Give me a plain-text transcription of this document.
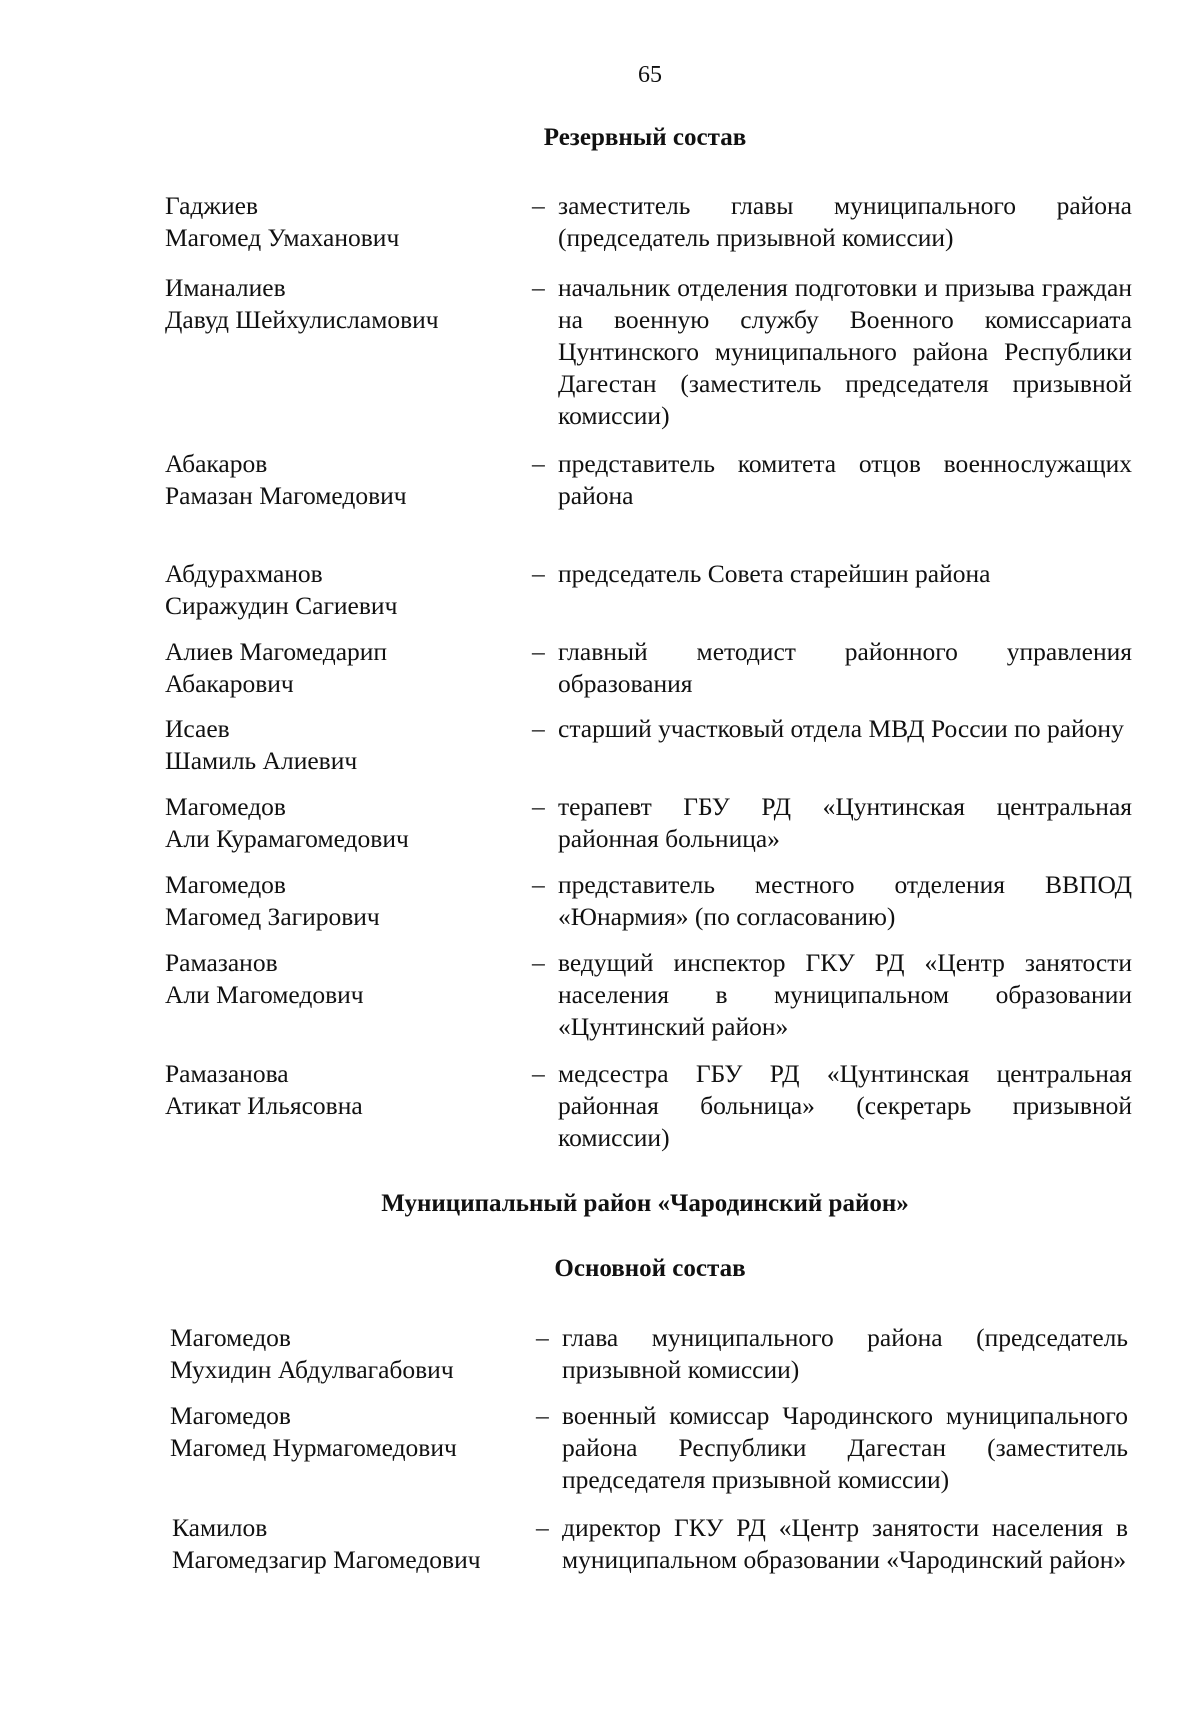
65
Резервный состав
Гаджиев
Магомед Умаханович
– заместитель главы муниципального района (председатель призывной комиссии)
Иманалиев
Давуд Шейхулисламович
– начальник отделения подготовки и призыва граждан на военную службу Военного комиссариата Цунтинского муниципального района Республики Дагестан (заместитель председателя призывной комиссии)
Абакаров
Рамазан Магомедович
– представитель комитета отцов военнослужащих района
Абдурахманов
Сиражудин Сагиевич
– председатель Совета старейшин района
Алиев Магомедарип
Абакарович
– главный методист районного управления образования
Исаев
Шамиль Алиевич
– старший участковый отдела МВД России по району
Магомедов
Али Курамагомедович
– терапевт ГБУ РД «Цунтинская центральная районная больница»
Магомедов
Магомед Загирович
– представитель местного отделения ВВПОД «Юнармия» (по согласованию)
Рамазанов
Али Магомедович
– ведущий инспектор ГКУ РД «Центр занятости населения в муниципальном образовании «Цунтинский район»
Рамазанова
Атикат Ильясовна
– медсестра ГБУ РД «Цунтинская центральная районная больница» (секретарь призывной комиссии)
Муниципальный район «Чародинский район»
Основной состав
Магомедов
Мухидин Абдулвагабович
– глава муниципального района (председатель призывной комиссии)
Магомедов
Магомед Нурмагомедович
– военный комиссар Чародинского муниципального района Республики Дагестан (заместитель председателя призывной комиссии)
Камилов
Магомедзагир Магомедович
– директор ГКУ РД «Центр занятости населения в муниципальном образовании «Чародинский район»
